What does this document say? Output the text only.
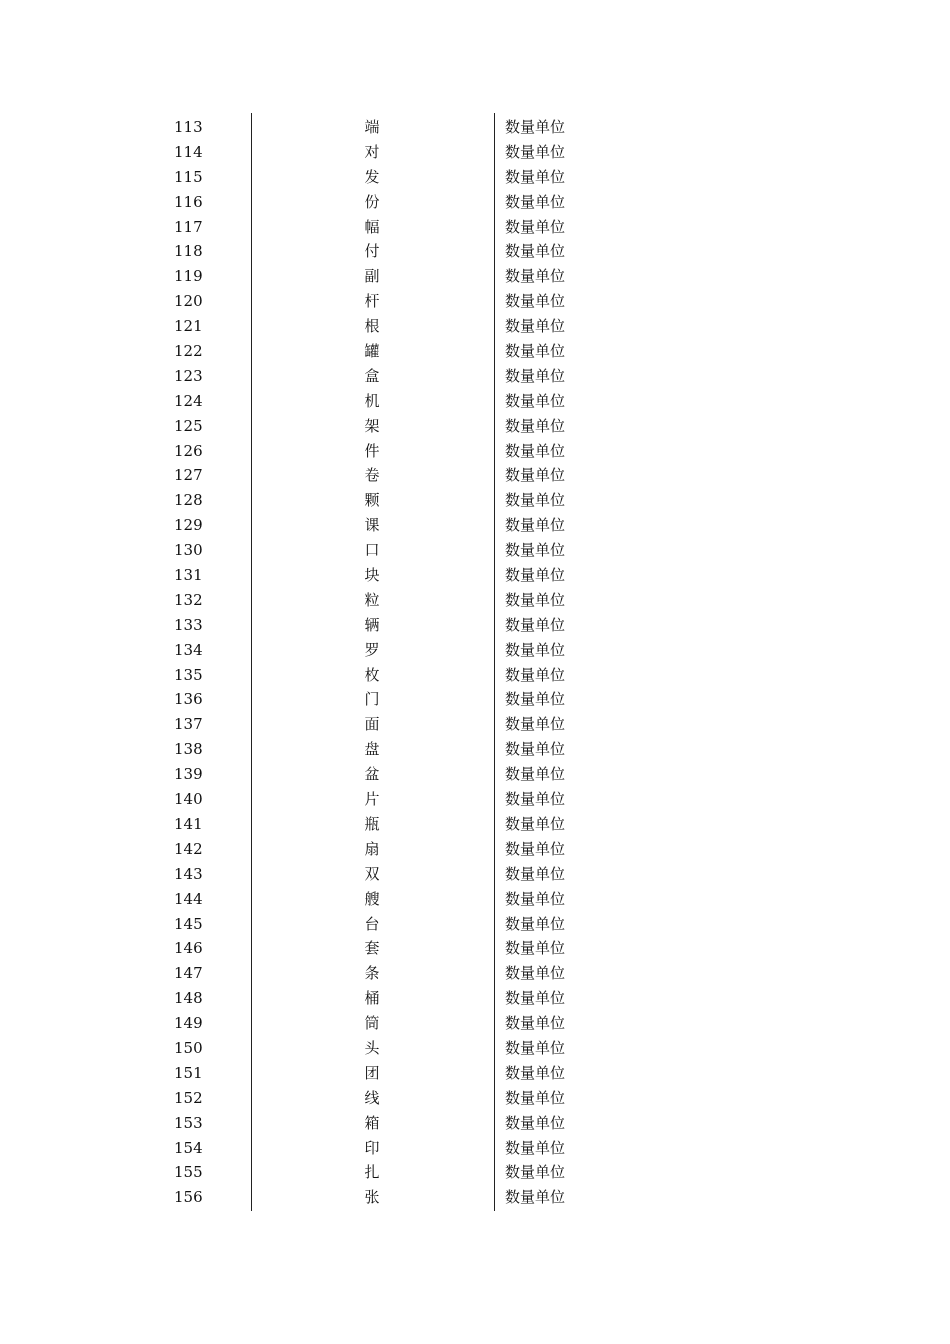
113	端	数量单位
114	对	数量单位
115	发	数量单位
116	份	数量单位
117	幅	数量单位
118	付	数量单位
119	副	数量单位
120	杆	数量单位
121	根	数量单位
122	罐	数量单位
123	盒	数量单位
124	机	数量单位
125	架	数量单位
126	件	数量单位
127	卷	数量单位
128	颗	数量单位
129	课	数量单位
130	口	数量单位
131	块	数量单位
132	粒	数量单位
133	辆	数量单位
134	罗	数量单位
135	枚	数量单位
136	门	数量单位
137	面	数量单位
138	盘	数量单位
139	盆	数量单位
140	片	数量单位
141	瓶	数量单位
142	扇	数量单位
143	双	数量单位
144	艘	数量单位
145	台	数量单位
146	套	数量单位
147	条	数量单位
148	桶	数量单位
149	筒	数量单位
150	头	数量单位
151	团	数量单位
152	线	数量单位
153	箱	数量单位
154	印	数量单位
155	扎	数量单位
156	张	数量单位
